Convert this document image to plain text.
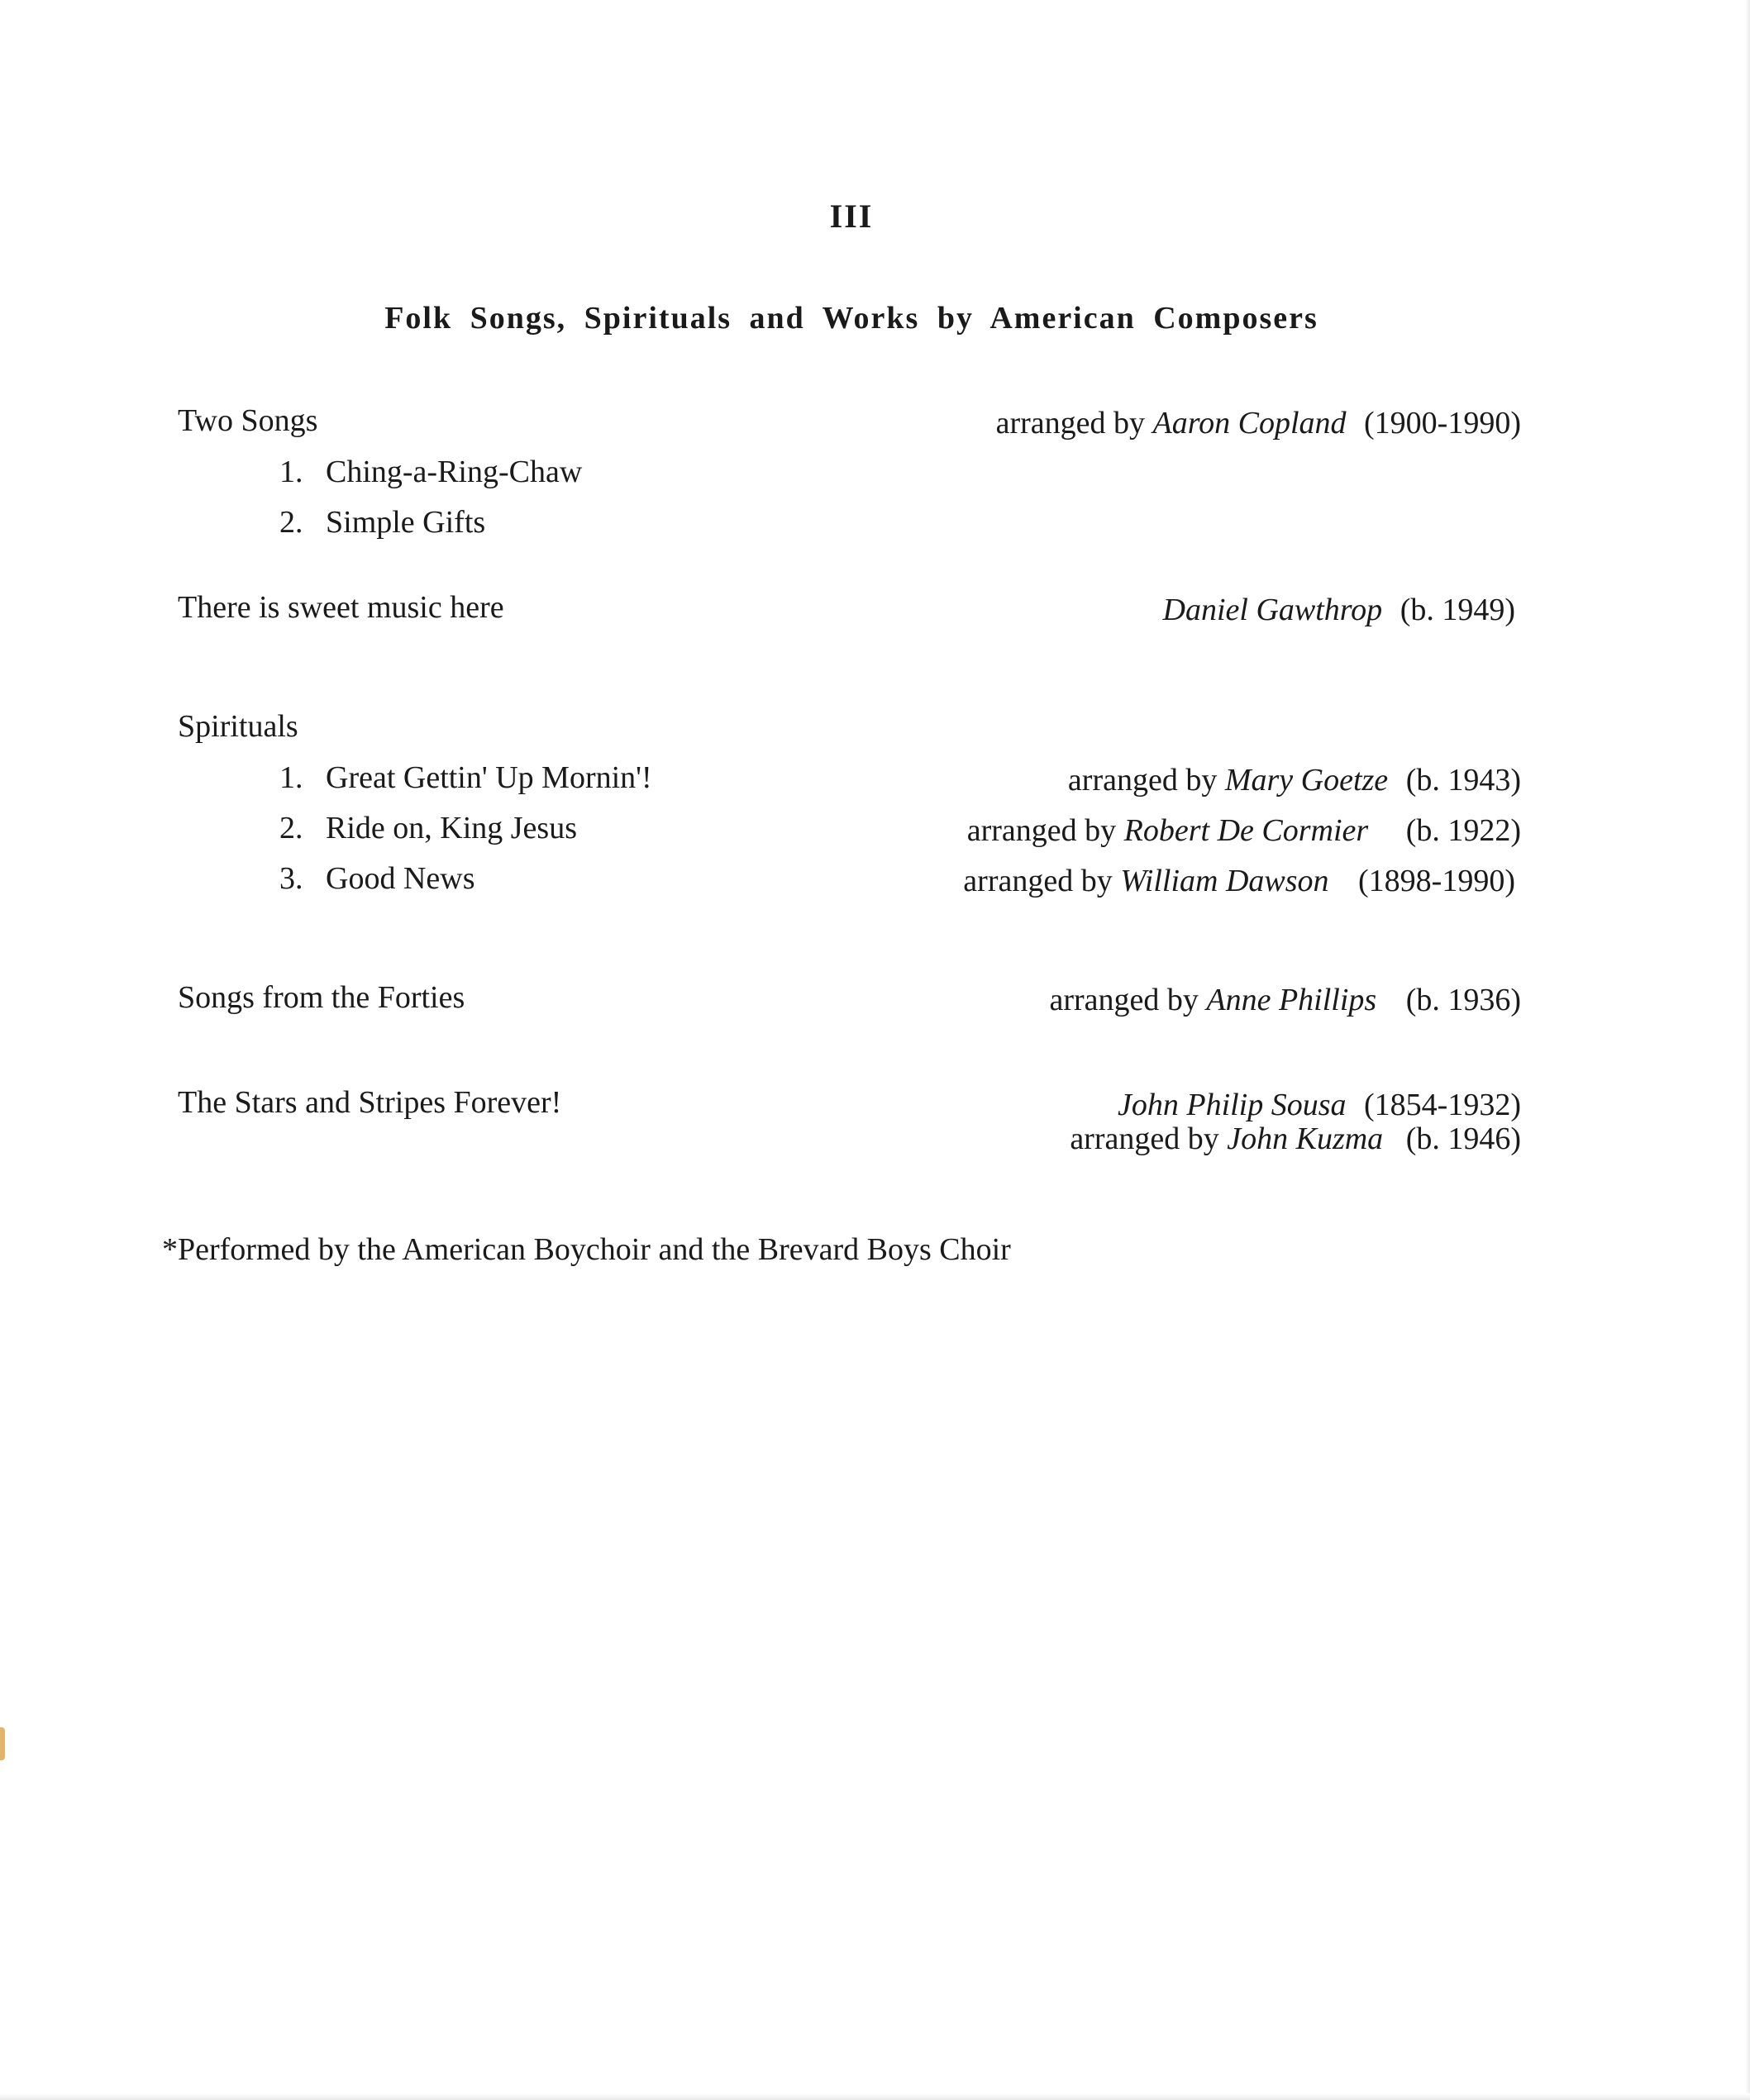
III
Folk Songs, Spirituals and Works by American Composers
Two Songs	arranged by Aaron Copland (1900-1990)
1. Ching-a-Ring-Chaw
2. Simple Gifts
There is sweet music here	Daniel Gawthrop (b. 1949)
Spirituals
1. Great Gettin' Up Mornin'!	arranged by Mary Goetze (b. 1943)
2. Ride on, King Jesus	arranged by Robert De Cormier (b. 1922)
3. Good News	arranged by William Dawson (1898-1990)
Songs from the Forties	arranged by Anne Phillips (b. 1936)
The Stars and Stripes Forever!	John Philip Sousa (1854-1932)
arranged by John Kuzma (b. 1946)
*Performed by the American Boychoir and the Brevard Boys Choir
